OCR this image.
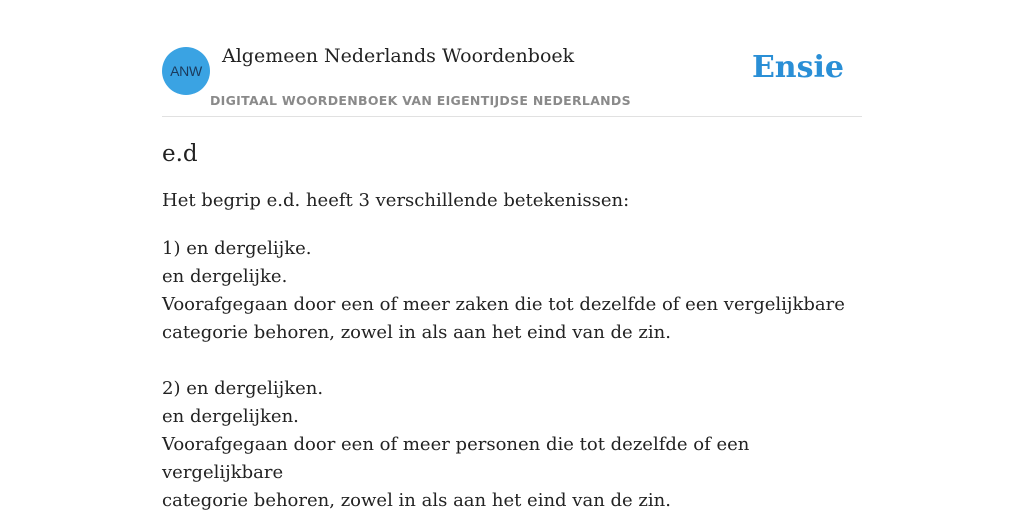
ANW
Algemeen Nederlands Woordenboek
DIGITAAL WOORDENBOEK VAN EIGENTIJDSE NEDERLANDS
Ensie
e.d

Het begrip e.d. heeft 3 verschillende betekenissen:

1) en dergelijke.
en dergelijke.
Voorafgegaan door een of meer zaken die tot dezelfde of een vergelijkbare
categorie behoren, zowel in als aan het eind van de zin.
2) en dergelijken.
en dergelijken.
Voorafgegaan door een of meer personen die tot dezelfde of een vergelijkbare
categorie behoren, zowel in als aan het eind van de zin.
